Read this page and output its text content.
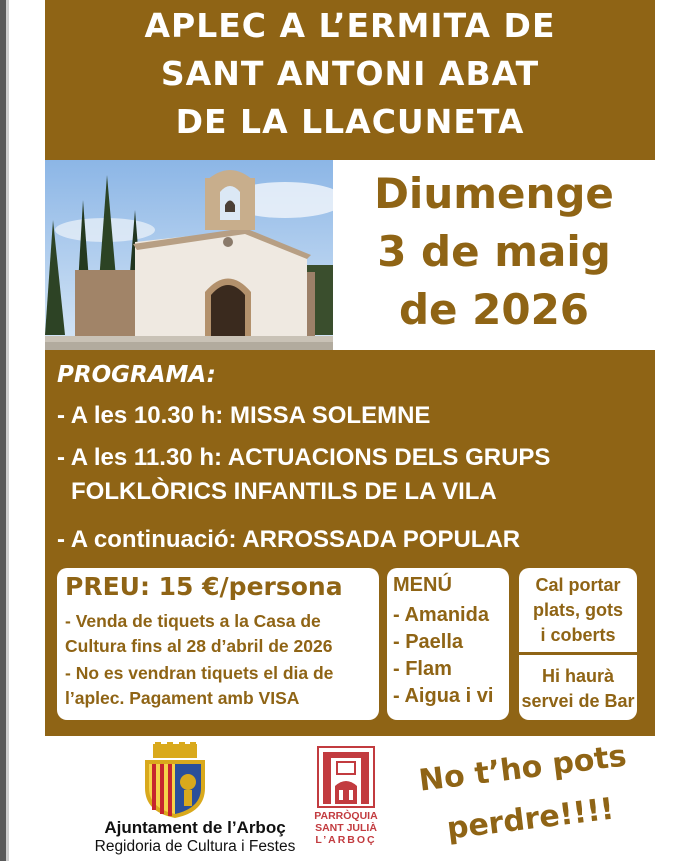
APLEC A L’ERMITA DE
SANT ANTONI ABAT
DE LA LLACUNETA
Diumenge
3 de maig
de 2026
PROGRAMA:
- A les 10.30 h: MISSA SOLEMNE
- A les 11.30 h: ACTUACIONS DELS GRUPS
FOLKLÒRICS INFANTILS DE LA VILA
- A continuació: ARROSSADA POPULAR
PREU: 15 €/persona
- Venda de tiquets a la Casa de
Cultura fins al 28 d’abril de 2026
- No es vendran tiquets el dia de
l’aplec. Pagament amb VISA
MENÚ
- Amanida
- Paella
- Flam
- Aigua i vi
Cal portar
plats, gots
i coberts
Hi haurà
servei de Bar
Ajuntament de l’Arboç
Regidoria de Cultura i Festes
PARRÒQUIA
SANT JULIÀ
L’ARBOÇ
No t’ho pots
perdre!!!!
